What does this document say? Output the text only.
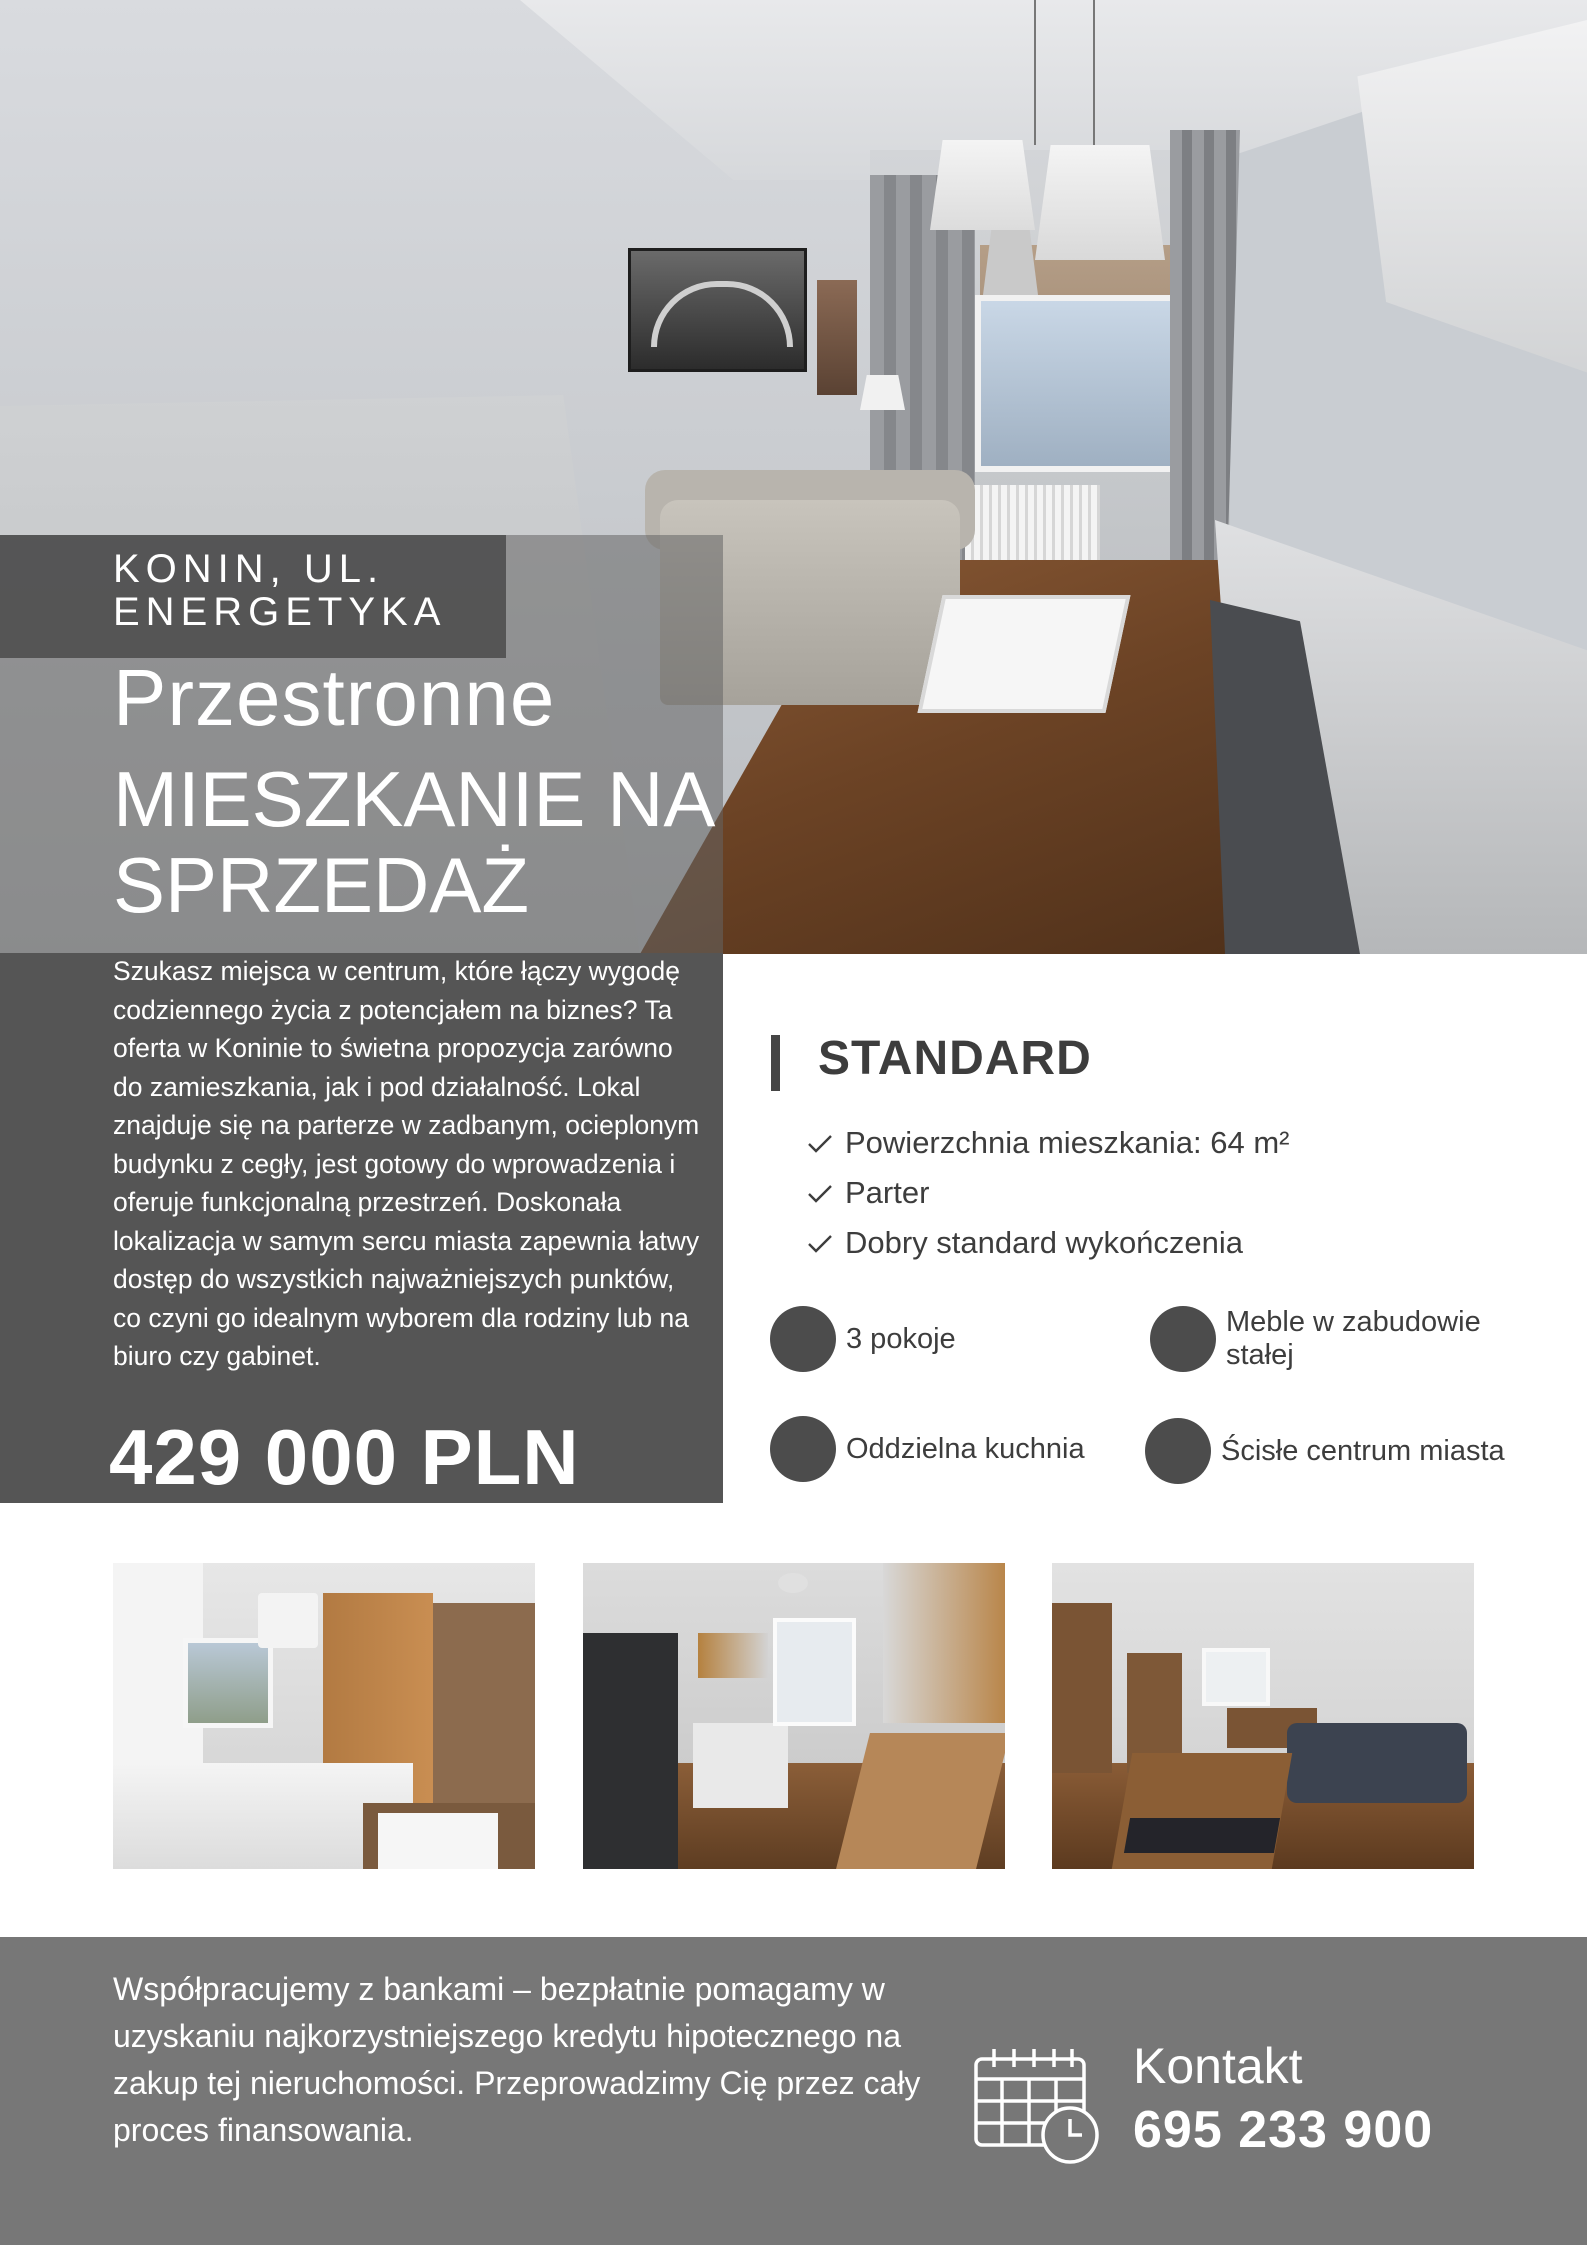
KONIN, UL. ENERGETYKA
Przestronne
MIESZKANIE NA SPRZEDAŻ
Szukasz miejsca w centrum, które łączy wygodę codziennego życia z potencjałem na biznes? Ta oferta w Koninie to świetna propozycja zarówno do zamieszkania, jak i pod działalność. Lokal znajduje się na parterze w zadbanym, ocieplonym budynku z cegły, jest gotowy do wprowadzenia i oferuje funkcjonalną przestrzeń. Doskonała lokalizacja w samym sercu miasta zapewnia łatwy dostęp do wszystkich najważniejszych punktów, co czyni go idealnym wyborem dla rodziny lub na biuro czy gabinet.
429 000 PLN
STANDARD
Powierzchnia mieszkania: 64 m²
Parter
Dobry standard wykończenia
3 pokoje
Meble w zabudowie stałej
Oddzielna kuchnia	Ścisłe centrum miasta
Współpracujemy z bankami – bezpłatnie pomagamy w uzyskaniu najkorzystniejszego kredytu hipotecznego na zakup tej nieruchomości. Przeprowadzimy Cię przez cały proces finansowania.
Kontakt
695 233 900
